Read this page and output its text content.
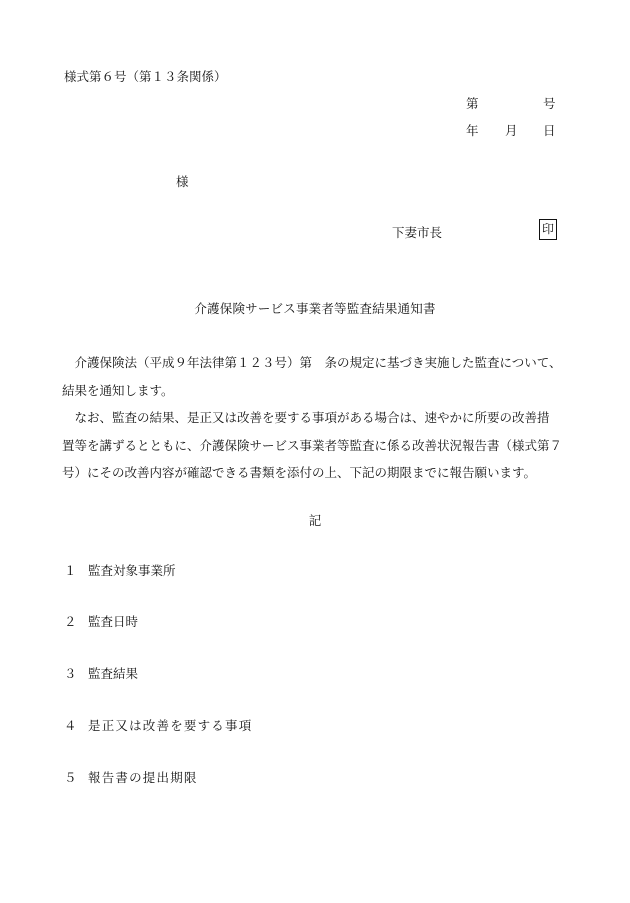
様式第６号（第１３条関係）
第	号
年 月 日
様
下妻市長	印
介護保険サービス事業者等監査結果通知書

　介護保険法（平成９年法律第１２３号）第　条の規定に基づき実施した監査について、結果を通知します。

　なお、監査の結果、是正又は改善を要する事項がある場合は、速やかに所要の改善措置等を講ずるとともに、介護保険サービス事業者等監査に係る改善状況報告書（様式第７号）にその改善内容が確認できる書類を添付の上、下記の期限までに報告願います。

記
１ 監査対象事業所
２ 監査日時
３ 監査結果
４ 是正又は改善を要する事項
５ 報告書の提出期限
